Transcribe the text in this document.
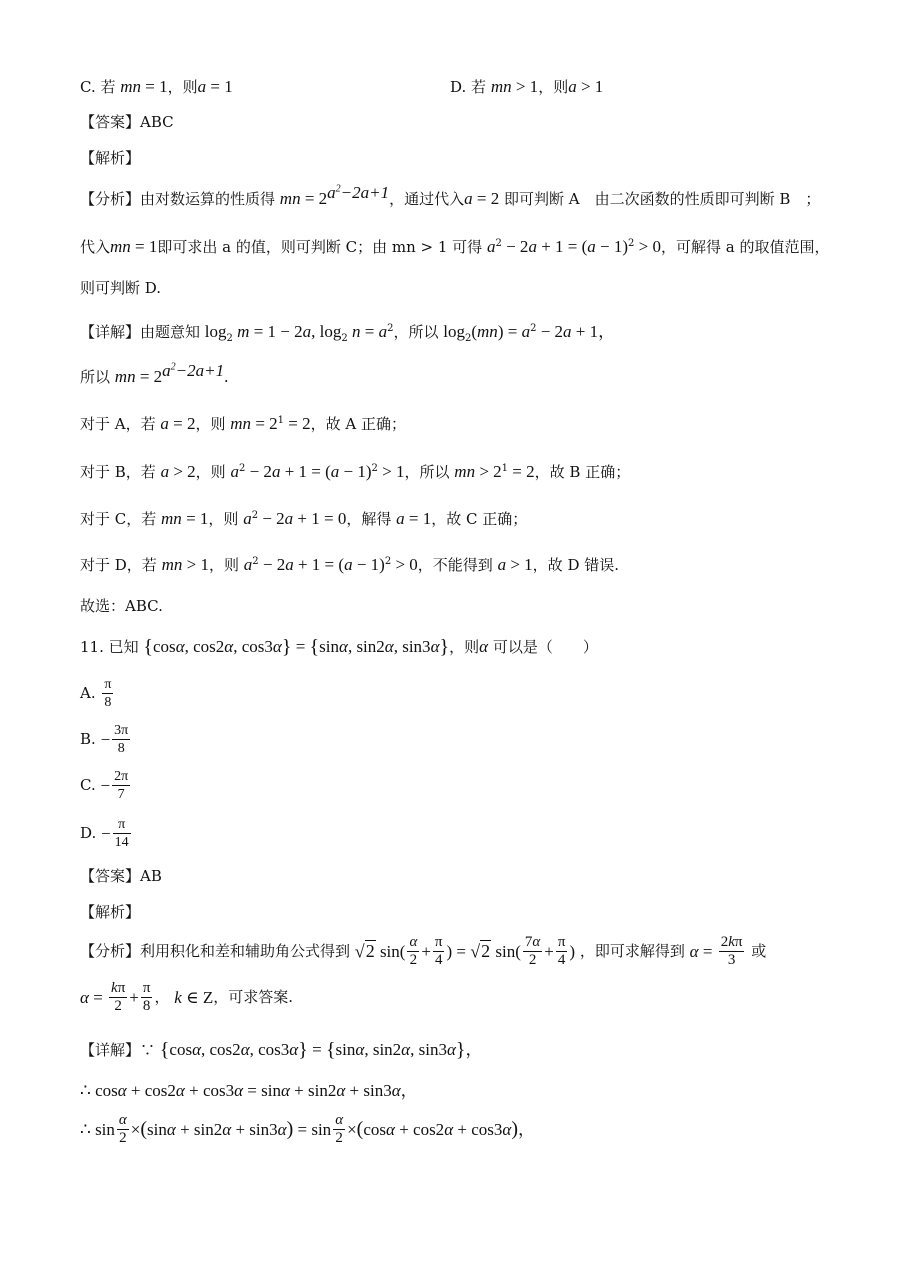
C. 若 mn = 1，则a = 1	D. 若 mn > 1，则a > 1
【答案】ABC
【解析】
【分析】由对数运算的性质得 mn = $2^{a^2-2a+1}$，通过代入a = 2 即可判断 A　由二次函数的性质即可判断 B　；
代入mn = 1即可求出 a 的值，则可判断 C；由 mn > 1 可得 $a^2 - 2a + 1 = (a - 1)^2 > 0$，可解得 a 的取值范围，
则可判断 D.
【详解】由题意知 $\log_2 m = 1 - 2a$, $\log_2 n = a^2$，所以 $\log_2(mn) = a^2 - 2a + 1$，
所以 mn = $2^{a^2-2a+1}$.
对于 A，若 a = 2，则 mn = $2^1 = 2$，故 A 正确；
对于 B，若 a > 2，则 $a^2 - 2a + 1 = (a - 1)^2 > 1$，所以 mn > $2^1 = 2$，故 B 正确；
对于 C，若 mn = 1，则 $a^2 - 2a + 1 = 0$，解得 a = 1，故 C 正确；
对于 D，若 mn > 1，则 $a^2 - 2a + 1 = (a - 1)^2 > 0$，不能得到 a > 1，故 D 错误.
故选：ABC.
11. 已知 {cosα, cos2α, cos3α} = {sinα, sin2α, sin3α}，则α 可以是（　　）
A. $\frac{\pi}{8}$
B. − $\frac{3\pi}{8}$
C. − $\frac{2\pi}{7}$
D. − $\frac{\pi}{14}$
【答案】AB
【解析】
【分析】利用积化和差和辅助角公式得到 √2 $\sin( \frac{\alpha}{2} + \frac{\pi}{4}$ ) = √2 $\sin( \frac{7\alpha}{2} + \frac{\pi}{4}$ ) ，即可求解得到 $\alpha = \frac{2k\pi}{3}$ 或
$\alpha = \frac{k\pi}{2} + \frac{\pi}{8}$ ， k ∈ Z，可求答案.
【详解】∵ {cosα, cos2α, cos3α} = {sinα, sin2α, sin3α}，
∴ cosα + cos2α + cos3α = sinα + sin2α + sin3α，
∴ $\sin \frac{\alpha}{2} \times(\sin\alpha + \sin 2\alpha + \sin 3\alpha) = \sin \frac{\alpha}{2} \times(\cos\alpha + \cos 2\alpha + \cos 3\alpha)$，
